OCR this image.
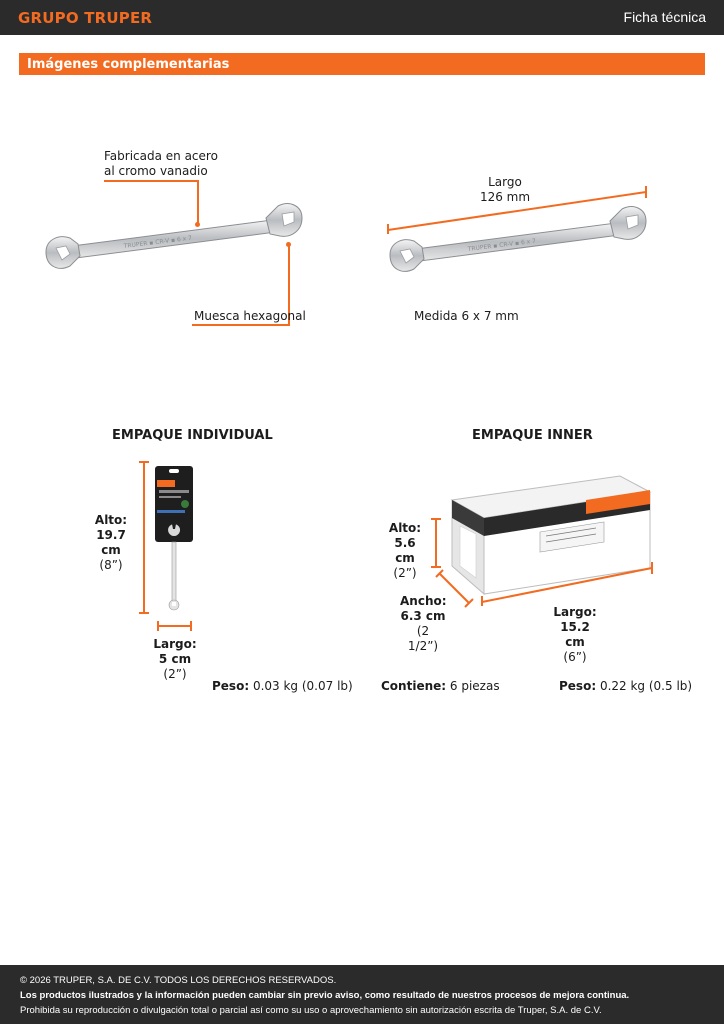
GRUPO TRUPER	Ficha técnica
Imágenes complementarias
Fabricada en acero
al cromo vanadio
TRUPER ▪ CR-V ▪ 6 x 7
Muesca hexagonal
Largo
126 mm
TRUPER ▪ CR-V ▪ 6 x 7
Medida 6 x 7 mm
EMPAQUE INDIVIDUAL
Alto:
19.7 cm
(8”)
Largo:
5 cm
(2”)
Peso: 0.03 kg (0.07 lb)
EMPAQUE INNER
Alto:
5.6 cm
(2”)
Ancho:
6.3 cm
(2 1/2”)
Largo:
15.2 cm
(6”)
Contiene: 6 piezas	Peso: 0.22 kg (0.5 lb)
© 2026 TRUPER, S.A. DE C.V. TODOS LOS DERECHOS RESERVADOS.
Los productos ilustrados y la información pueden cambiar sin previo aviso, como resultado de nuestros procesos de mejora continua.
Prohibida su reproducción o divulgación total o parcial así como su uso o aprovechamiento sin autorización escrita de Truper, S.A. de C.V.
